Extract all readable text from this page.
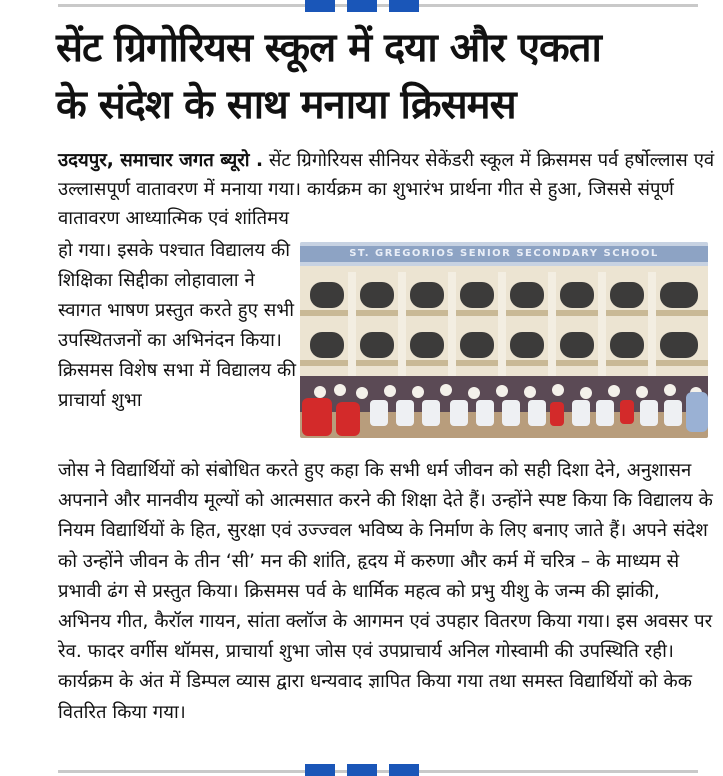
सेंट ग्रिगोरियस स्कूल में दया और एकता
के संदेश के साथ मनाया क्रिसमस
उदयपुर, समाचार जगत ब्यूरो . सेंट ग्रिगोरियस सीनियर सेकेंडरी स्कूल में क्रिसमस पर्व हर्षोल्लास एवं उल्लासपूर्ण वातावरण में मनाया गया। कार्यक्रम का शुभारंभ प्रार्थना गीत से हुआ, जिससे संपूर्ण वातावरण आध्यात्मिक एवं शांतिमय
हो गया। इसके पश्चात विद्यालय की शिक्षिका सिद्दीका लोहावाला ने स्वागत भाषण प्रस्तुत करते हुए सभी उपस्थितजनों का अभिनंदन किया। क्रिसमस विशेष सभा में विद्यालय की प्राचार्या शुभा
ST. GREGORIOS SENIOR SECONDARY SCHOOL
जोस ने विद्यार्थियों को संबोधित करते हुए कहा कि सभी धर्म जीवन को सही दिशा देने, अनुशासन अपनाने और मानवीय मूल्यों को आत्मसात करने की शिक्षा देते हैं। उन्होंने स्पष्ट किया कि विद्यालय के नियम विद्यार्थियों के हित, सुरक्षा एवं उज्ज्वल भविष्य के निर्माण के लिए बनाए जाते हैं। अपने संदेश को उन्होंने जीवन के तीन ‘सी’ मन की शांति, हृदय में करुणा और कर्म में चरित्र – के माध्यम से प्रभावी ढंग से प्रस्तुत किया। क्रिसमस पर्व के धार्मिक महत्व को प्रभु यीशु के जन्म की झांकी, अभिनय गीत, कैरॉल गायन, सांता क्लॉज के आगमन एवं उपहार वितरण किया गया। इस अवसर पर रेव. फादर वर्गीस थॉमस, प्राचार्या शुभा जोस एवं उपप्राचार्य अनिल गोस्वामी की उपस्थिति रही। कार्यक्रम के अंत में डिम्पल व्यास द्वारा धन्यवाद ज्ञापित किया गया तथा समस्त विद्यार्थियों को केक वितरित किया गया।
